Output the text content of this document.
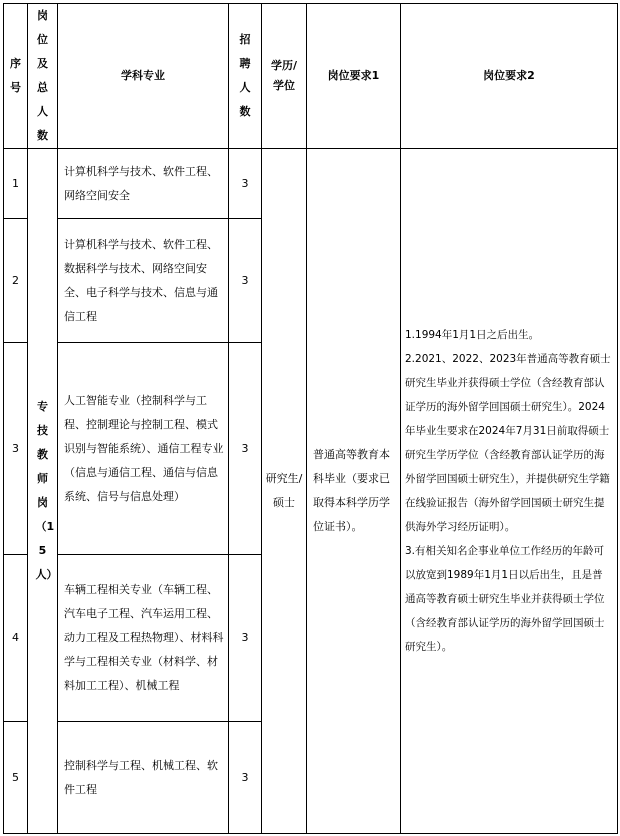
序号	岗位及总人数	学科专业	招聘人数	学历/学位	岗位要求1	岗位要求2
1	专技教师岗（15人）	计算机科学与技术、软件工程、网络空间安全	3	研究生/硕士	普通高等教育本科毕业（要求已取得本科学历学位证书）。	1.1994年1月1日之后出生。

2.2021、2022、2023年普通高等教育硕士研究生毕业并获得硕士学位（含经教育部认证学历的海外留学回国硕士研究生）。2024年毕业生要求在2024年7月31日前取得硕士研究生学历学位（含经教育部认证学历的海外留学回国硕士研究生），并提供研究生学籍在线验证报告（海外留学回国硕士研究生提供海外学习经历证明）。

3.有相关知名企事业单位工作经历的年龄可以放宽到1989年1月1日以后出生，且是普通高等教育硕士研究生毕业并获得硕士学位（含经教育部认证学历的海外留学回国硕士研究生）。

2		计算机科学与技术、软件工程、数据科学与技术、网络空间安全、电子科学与技术、信息与通信工程	3			
3		人工智能专业（控制科学与工程、控制理论与控制工程、模式识别与智能系统）、通信工程专业（信息与通信工程、通信与信息系统、信号与信息处理）	3			
4		车辆工程相关专业（车辆工程、汽车电子工程、汽车运用工程、动力工程及工程热物理）、材料科学与工程相关专业（材料学、材料加工工程）、机械工程	3			
5		控制科学与工程、机械工程、软件工程	3			
